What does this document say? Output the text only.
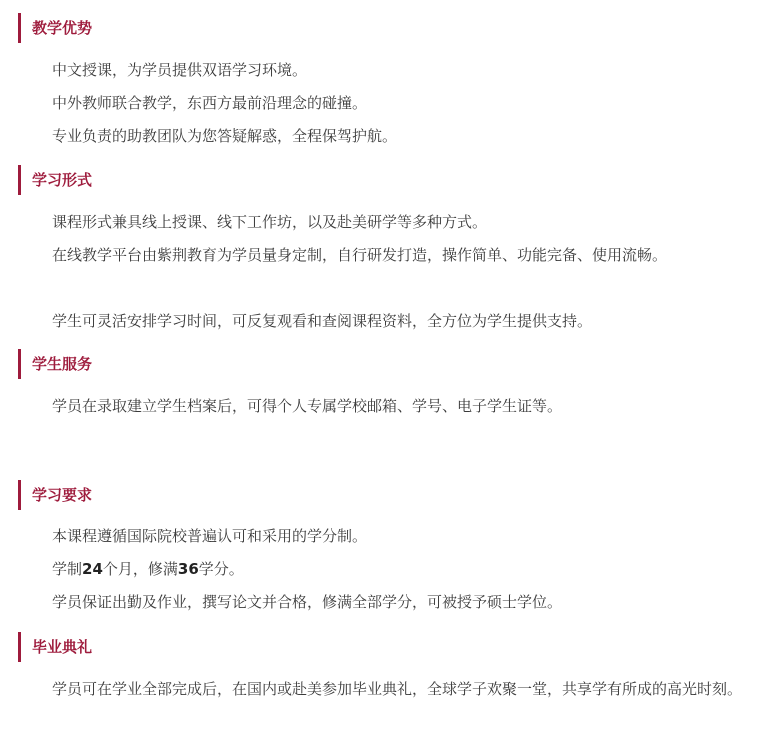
教学优势
中文授课，为学员提供双语学习环境。
中外教师联合教学，东西方最前沿理念的碰撞。
专业负责的助教团队为您答疑解惑，全程保驾护航。
学习形式
课程形式兼具线上授课、线下工作坊，以及赴美研学等多种方式。
在线教学平台由紫荆教育为学员量身定制，自行研发打造，操作简单、功能完备、使用流畅。
学生可灵活安排学习时间，可反复观看和查阅课程资料，全方位为学生提供支持。
学生服务
学员在录取建立学生档案后，可得个人专属学校邮箱、学号、电子学生证等。
学习要求
本课程遵循国际院校普遍认可和采用的学分制。
学制24个月，修满36学分。
学员保证出勤及作业，撰写论文并合格，修满全部学分，可被授予硕士学位。
毕业典礼
学员可在学业全部完成后，在国内或赴美参加毕业典礼，全球学子欢聚一堂，共享学有所成的高光时刻。
